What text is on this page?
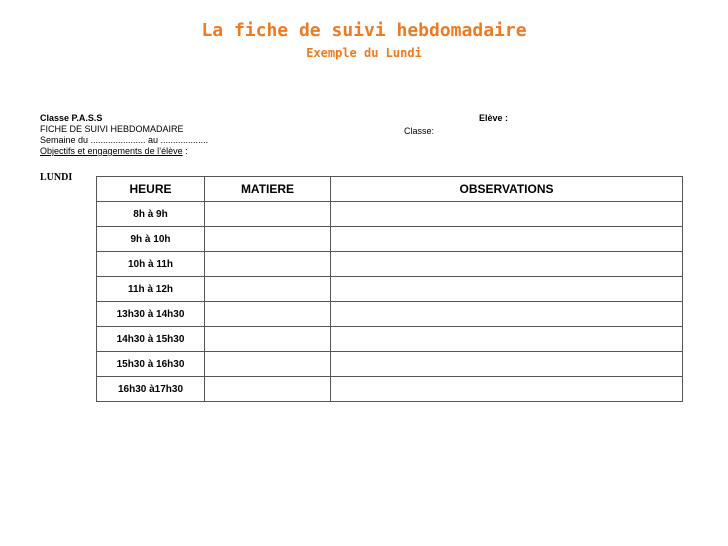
La fiche de suivi hebdomadaire
Exemple du Lundi
Classe P.A.S.S
FICHE DE SUIVI HEBDOMADAIRE
Semaine du ...................... au ...................
Objectifs et engagements de l’élève :
Elève :
Classe:
LUNDI
HEURE	MATIERE	OBSERVATIONS
8h à 9h		
9h à 10h		
10h à 11h		
11h à 12h		
13h30 à 14h30		
14h30 à 15h30		
15h30 à 16h30		
16h30 à17h30		
